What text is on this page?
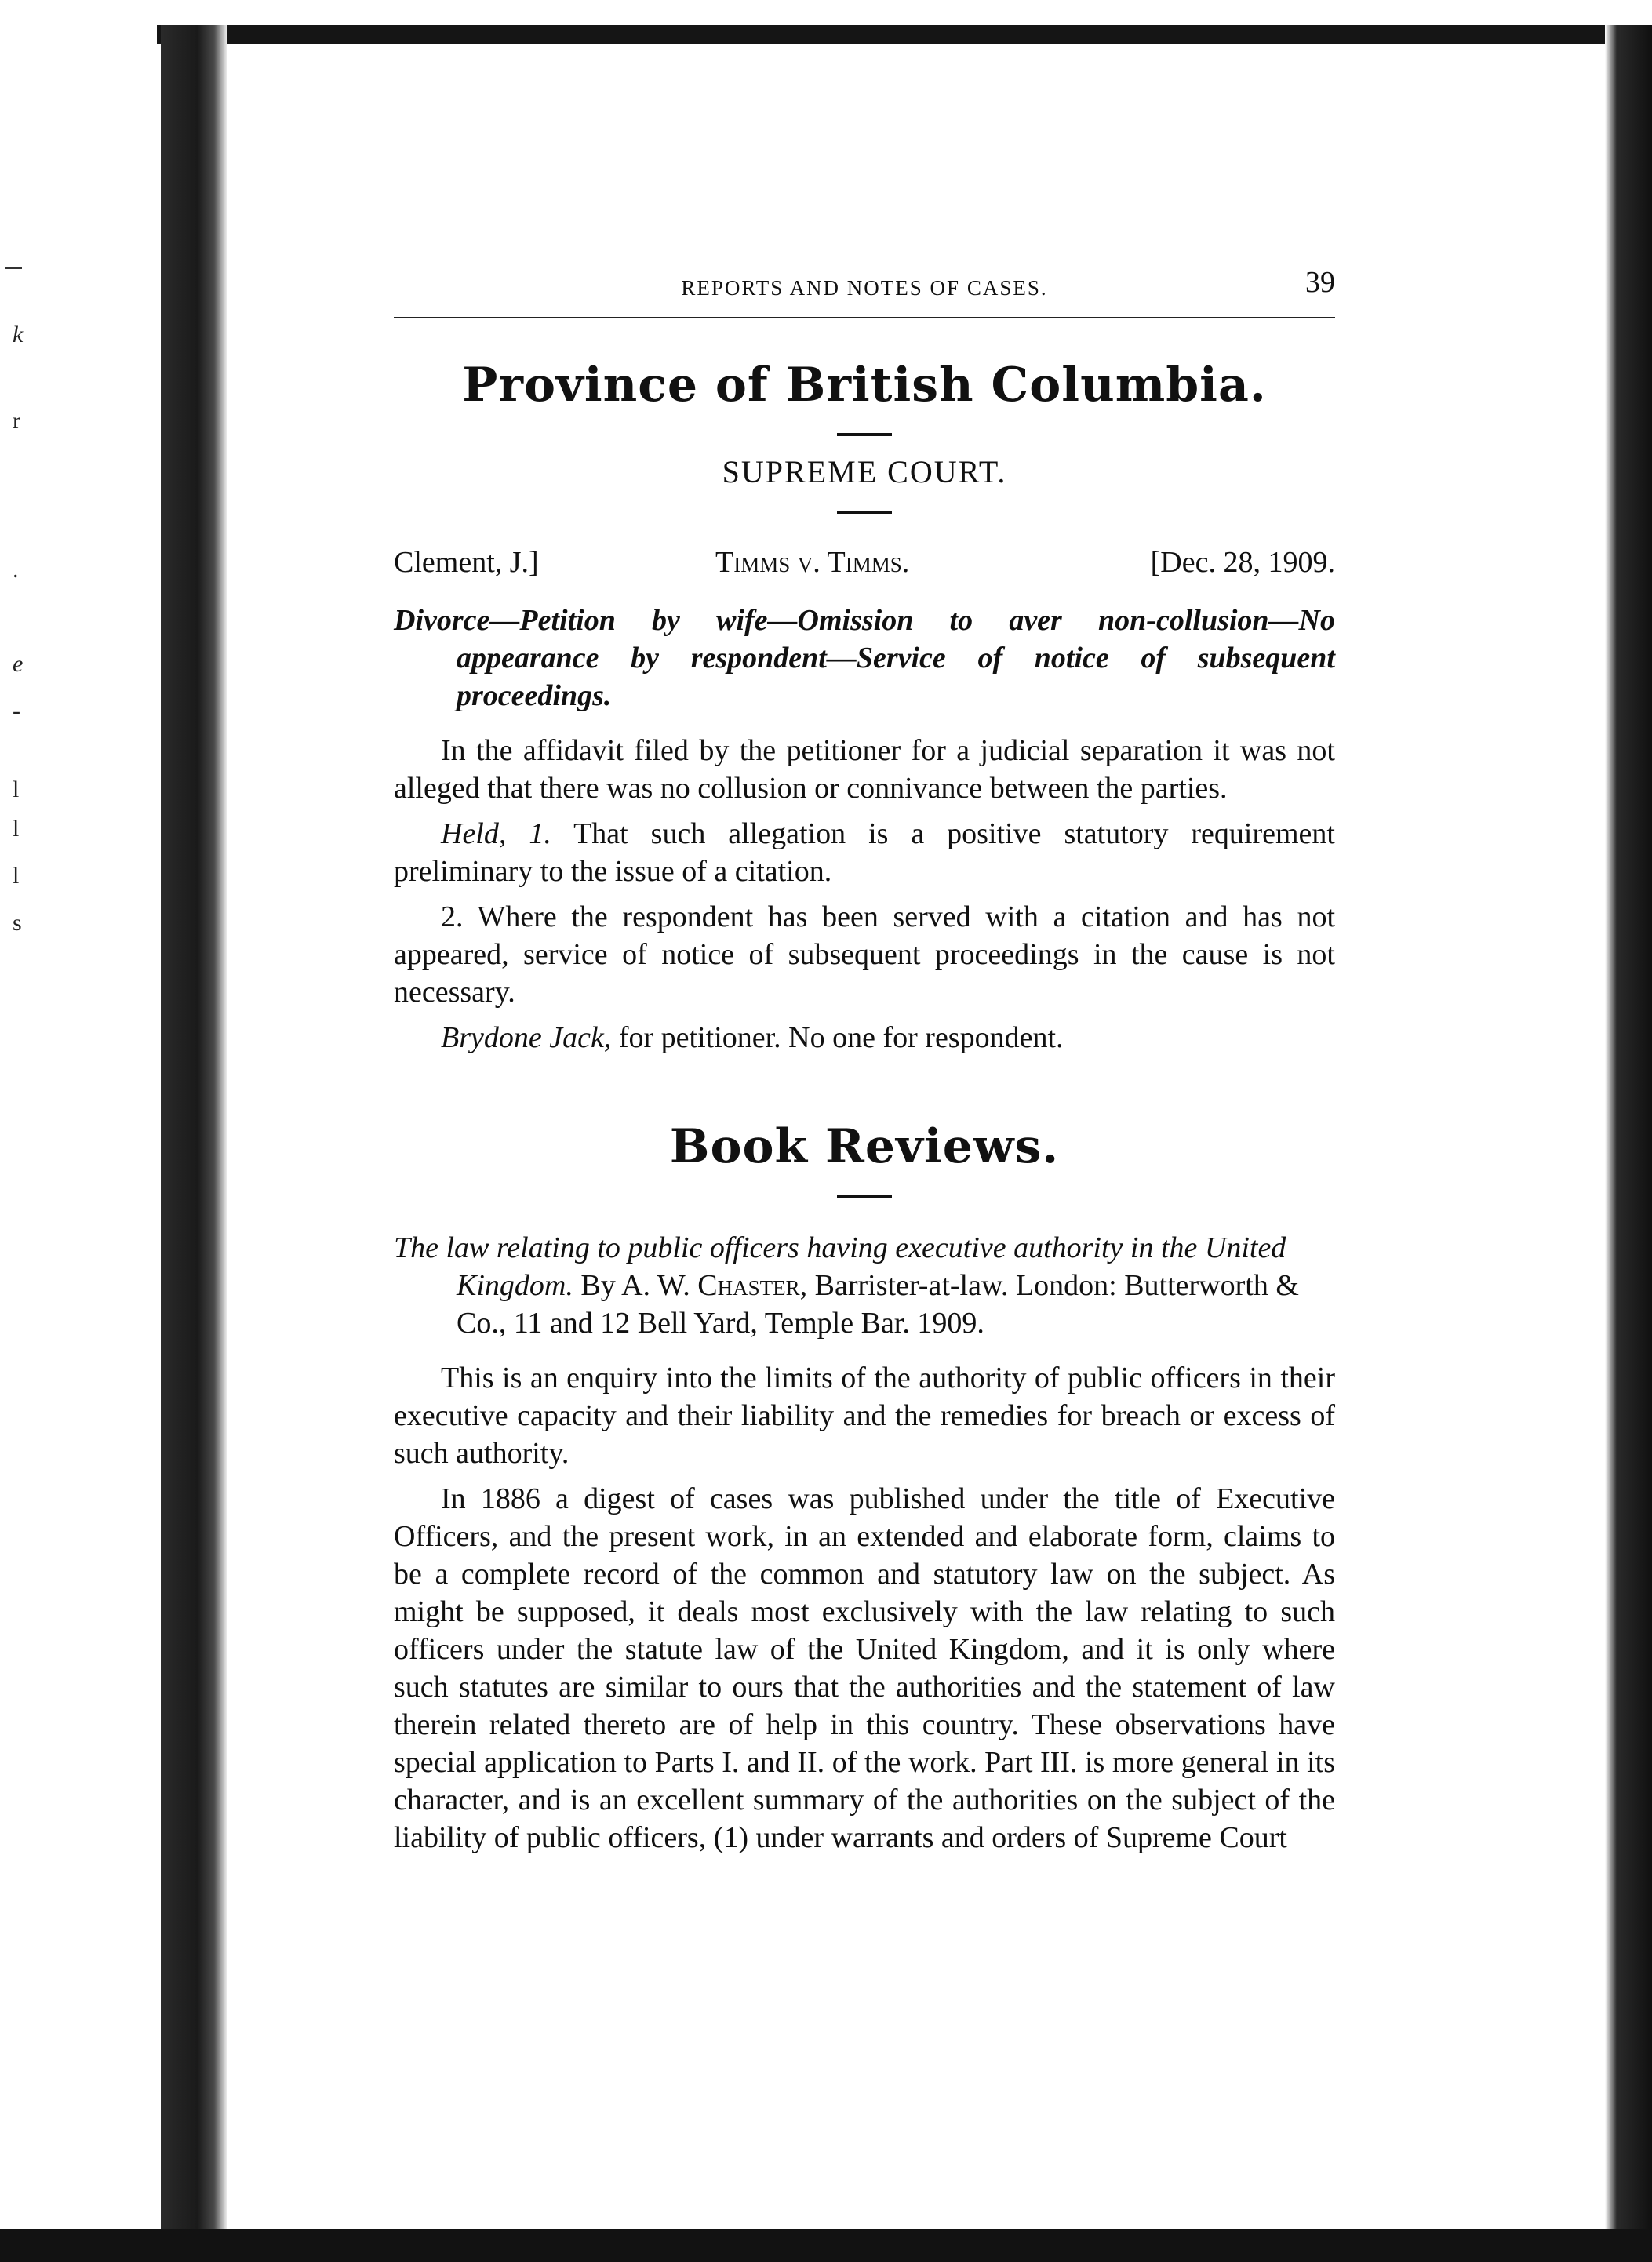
k
r
.
e
-
l
l
l
s
REPORTS AND NOTES OF CASES.	39
Province of British Columbia.
SUPREME COURT.
Clement, J.]	Timms v. Timms.	[Dec. 28, 1909.
Divorce—Petition by wife—Omission to aver non-collusion—No appearance by respondent—Service of notice of subsequent proceedings.

In the affidavit filed by the petitioner for a judicial separation it was not alleged that there was no collusion or connivance between the parties.

Held, 1. That such allegation is a positive statutory requirement preliminary to the issue of a citation.

2. Where the respondent has been served with a citation and has not appeared, service of notice of subsequent proceedings in the cause is not necessary.

Brydone Jack, for petitioner. No one for respondent.

Book Reviews.
The law relating to public officers having executive authority in the United Kingdom. By A. W. Chaster, Barrister-at-law. London: Butterworth & Co., 11 and 12 Bell Yard, Temple Bar. 1909.

This is an enquiry into the limits of the authority of public officers in their executive capacity and their liability and the remedies for breach or excess of such authority.

In 1886 a digest of cases was published under the title of Executive Officers, and the present work, in an extended and elaborate form, claims to be a complete record of the common and statutory law on the subject. As might be supposed, it deals most exclusively with the law relating to such officers under the statute law of the United Kingdom, and it is only where such statutes are similar to ours that the authorities and the statement of law therein related thereto are of help in this country. These observations have special application to Parts I. and II. of the work. Part III. is more general in its character, and is an excellent summary of the authorities on the subject of the liability of public officers, (1) under warrants and orders of Supreme Court
